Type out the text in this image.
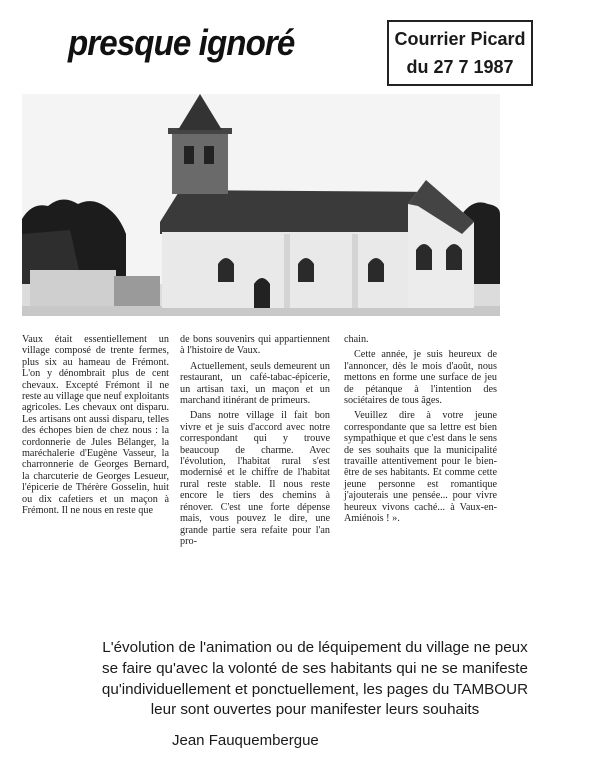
presque ignoré	Courrier Picard
du 27 7 1987

Vaux était essentiellement un village composé de trente fermes, plus six au hameau de Frémont. L'on y dénombrait plus de cent chevaux. Excepté Frémont il ne reste au village que neuf exploitants agricoles. Les chevaux ont disparu. Les artisans ont aussi disparu, telles des échopes bien de chez nous : la cordonnerie de Jules Bélanger, la maréchalerie d'Eugène Vasseur, la charronnerie de Georges Bernard, la charcuterie de Georges Lesueur, l'épicerie de Thérère Gosselin, huit ou dix cafetiers et un maçon à Frémont. Il ne nous en reste que

de bons souvenirs qui appartiennent à l'histoire de Vaux.

Actuellement, seuls demeurent un restaurant, un café-tabac-épicerie, un artisan taxi, un maçon et un marchand itinérant de primeurs.

Dans notre village il fait bon vivre et je suis d'accord avec notre correspondant qui y trouve beaucoup de charme. Avec l'évolution, l'habitat rural s'est modernisé et le chiffre de l'habitat rural reste stable. Il nous reste encore le tiers des chemins à rénover. C'est une forte dépense mais, vous pouvez le dire, une grande partie sera refaite pour l'an pro-

chain.

Cette année, je suis heureux de l'annoncer, dès le mois d'août, nous mettons en forme une surface de jeu de pétanque à l'intention des sociétaires de tous âges.

Veuillez dire à votre jeune correspondante que sa lettre est bien sympathique et que c'est dans le sens de ses souhaits que la municipalité travaille attentivement pour le bien-être de ses habitants. Et comme cette jeune personne est romantique j'ajouterais une pensée... pour vivre heureux vivons caché... à Vaux-en-Amiénois ! ».

L'évolution de l'animation ou de léquipement du village ne peux se faire qu'avec la volonté de ses habitants qui ne se manifeste qu'individuellement et ponctuellement, les pages du TAMBOUR leur sont ouvertes pour manifester leurs souhaits
Jean Fauquembergue
